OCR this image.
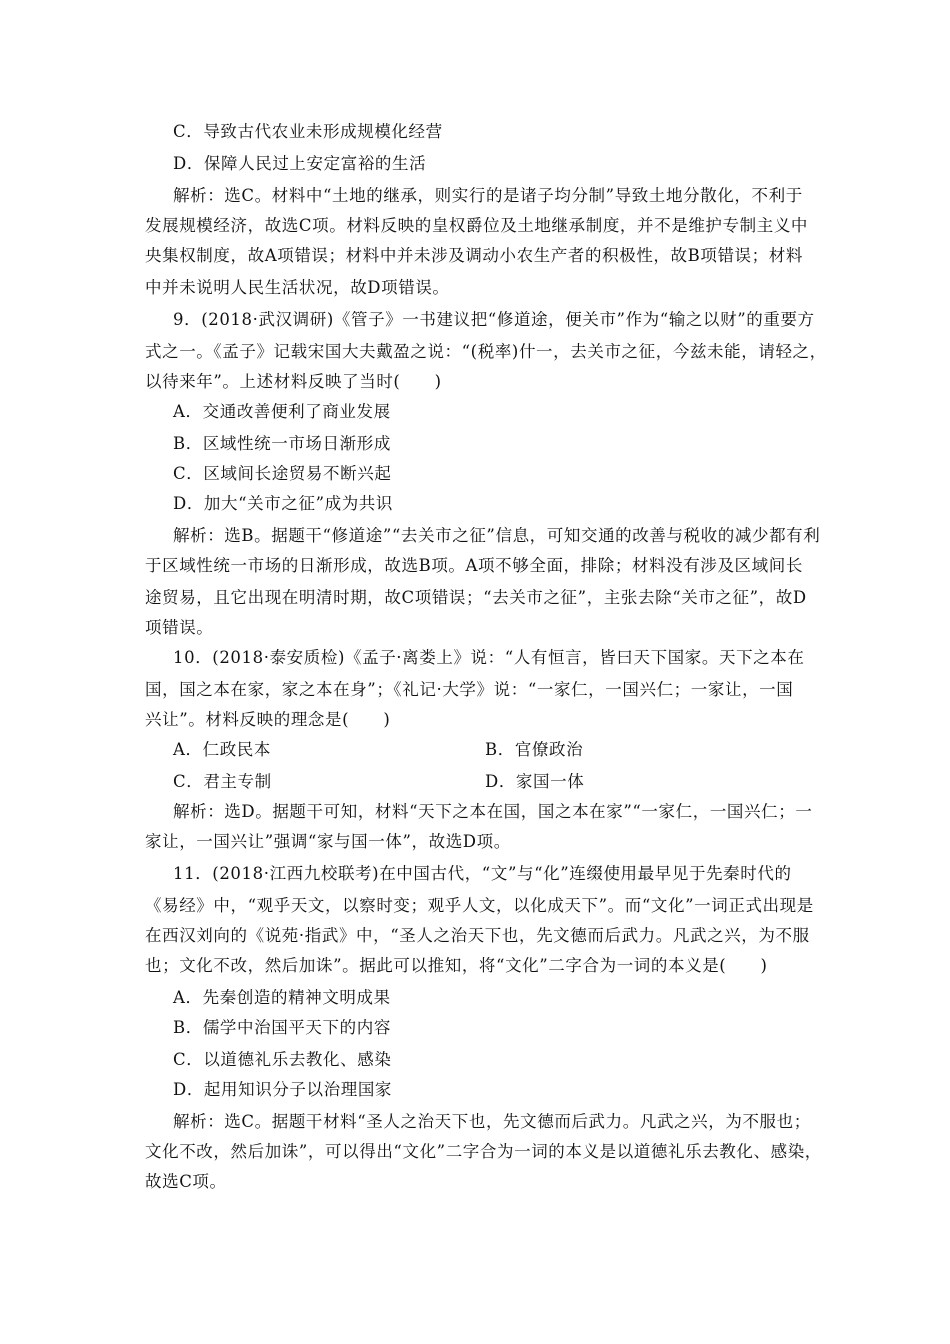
C．导致古代农业未形成规模化经营
D．保障人民过上安定富裕的生活
解析：选C。材料中“土地的继承，则实行的是诸子均分制”导致土地分散化，不利于
发展规模经济，故选C项。材料反映的皇权爵位及土地继承制度，并不是维护专制主义中
央集权制度，故A项错误；材料中并未涉及调动小农生产者的积极性，故B项错误；材料
中并未说明人民生活状况，故D项错误。
9．(2018·武汉调研)《管子》一书建议把“修道途，便关市”作为“输之以财”的重要方
式之一。《孟子》记载宋国大夫戴盈之说：“(税率)什一，去关市之征，今兹未能，请轻之，
以待来年”。上述材料反映了当时(　　)
A．交通改善便利了商业发展
B．区域性统一市场日渐形成
C．区域间长途贸易不断兴起
D．加大“关市之征”成为共识
解析：选B。据题干“修道途”“去关市之征”信息，可知交通的改善与税收的减少都有利
于区域性统一市场的日渐形成，故选B项。A项不够全面，排除；材料没有涉及区域间长
途贸易，且它出现在明清时期，故C项错误；“去关市之征”，主张去除“关市之征”，故D
项错误。
10．(2018·泰安质检)《孟子·离娄上》说：“人有恒言，皆曰天下国家。天下之本在
国，国之本在家，家之本在身”；《礼记·大学》说：“一家仁，一国兴仁；一家让，一国
兴让”。材料反映的理念是(　　)
A．仁政民本	B．官僚政治
C．君主专制	D．家国一体
解析：选D。据题干可知，材料“天下之本在国，国之本在家”“一家仁，一国兴仁；一
家让，一国兴让”强调“家与国一体”，故选D项。
11．(2018·江西九校联考)在中国古代，“文”与“化”连缀使用最早见于先秦时代的
《易经》中，“观乎天文，以察时变；观乎人文，以化成天下”。而“文化”一词正式出现是
在西汉刘向的《说苑·指武》中，“圣人之治天下也，先文德而后武力。凡武之兴，为不服
也；文化不改，然后加诛”。据此可以推知，将“文化”二字合为一词的本义是(　　)
A．先秦创造的精神文明成果
B．儒学中治国平天下的内容
C．以道德礼乐去教化、感染
D．起用知识分子以治理国家
解析：选C。据题干材料“圣人之治天下也，先文德而后武力。凡武之兴，为不服也；
文化不改，然后加诛”，可以得出“文化”二字合为一词的本义是以道德礼乐去教化、感染，
故选C项。
